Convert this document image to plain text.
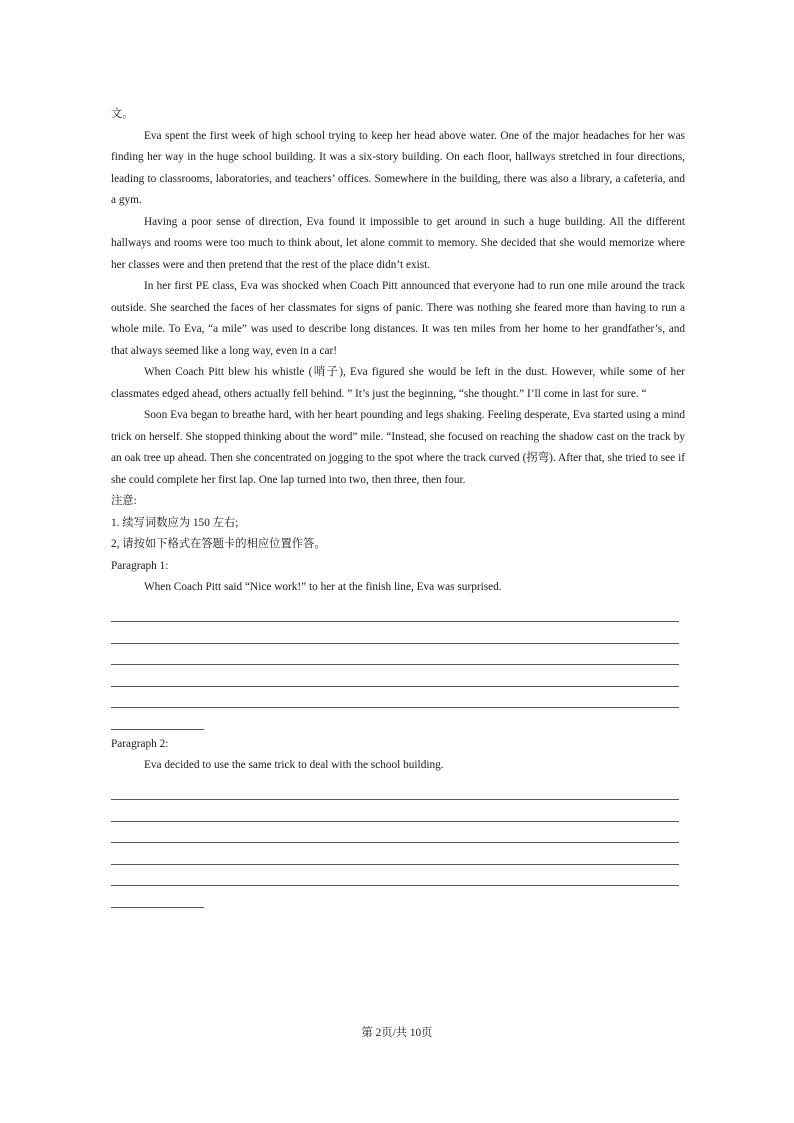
文。

Eva spent the first week of high school trying to keep her head above water. One of the major headaches for her was finding her way in the huge school building. It was a six-story building. On each floor, hallways stretched in four directions, leading to classrooms, laboratories, and teachers’ offices. Somewhere in the building, there was also a library, a cafeteria, and a gym.

Having a poor sense of direction, Eva found it impossible to get around in such a huge building. All the different hallways and rooms were too much to think about, let alone commit to memory. She decided that she would memorize where her classes were and then pretend that the rest of the place didn’t exist.

In her first PE class, Eva was shocked when Coach Pitt announced that everyone had to run one mile around the track outside. She searched the faces of her classmates for signs of panic. There was nothing she feared more than having to run a whole mile. To Eva, “a mile” was used to describe long distances. It was ten miles from her home to her grandfather’s, and that always seemed like a long way, even in a car!

When Coach Pitt blew his whistle (哨子), Eva figured she would be left in the dust. However, while some of her classmates edged ahead, others actually fell behind. ” It’s just the beginning, “she thought.” I’ll come in last for sure. “

Soon Eva began to breathe hard, with her heart pounding and legs shaking. Feeling desperate, Eva started using a mind trick on herself. She stopped thinking about the word” mile. “Instead, she focused on reaching the shadow cast on the track by an oak tree up ahead. Then she concentrated on jogging to the spot where the track curved (拐弯). After that, she tried to see if she could complete her first lap. One lap turned into two, then three, then four.

注意:
1. 续写词数应为 150 左右;
2, 请按如下格式在答题卡的相应位置作答。
Paragraph 1:
When Coach Pitt said “Nice work!” to her at the finish line, Eva was surprised.
Paragraph 2:
Eva decided to use the same trick to deal with the school building.
第 2页/共 10页
